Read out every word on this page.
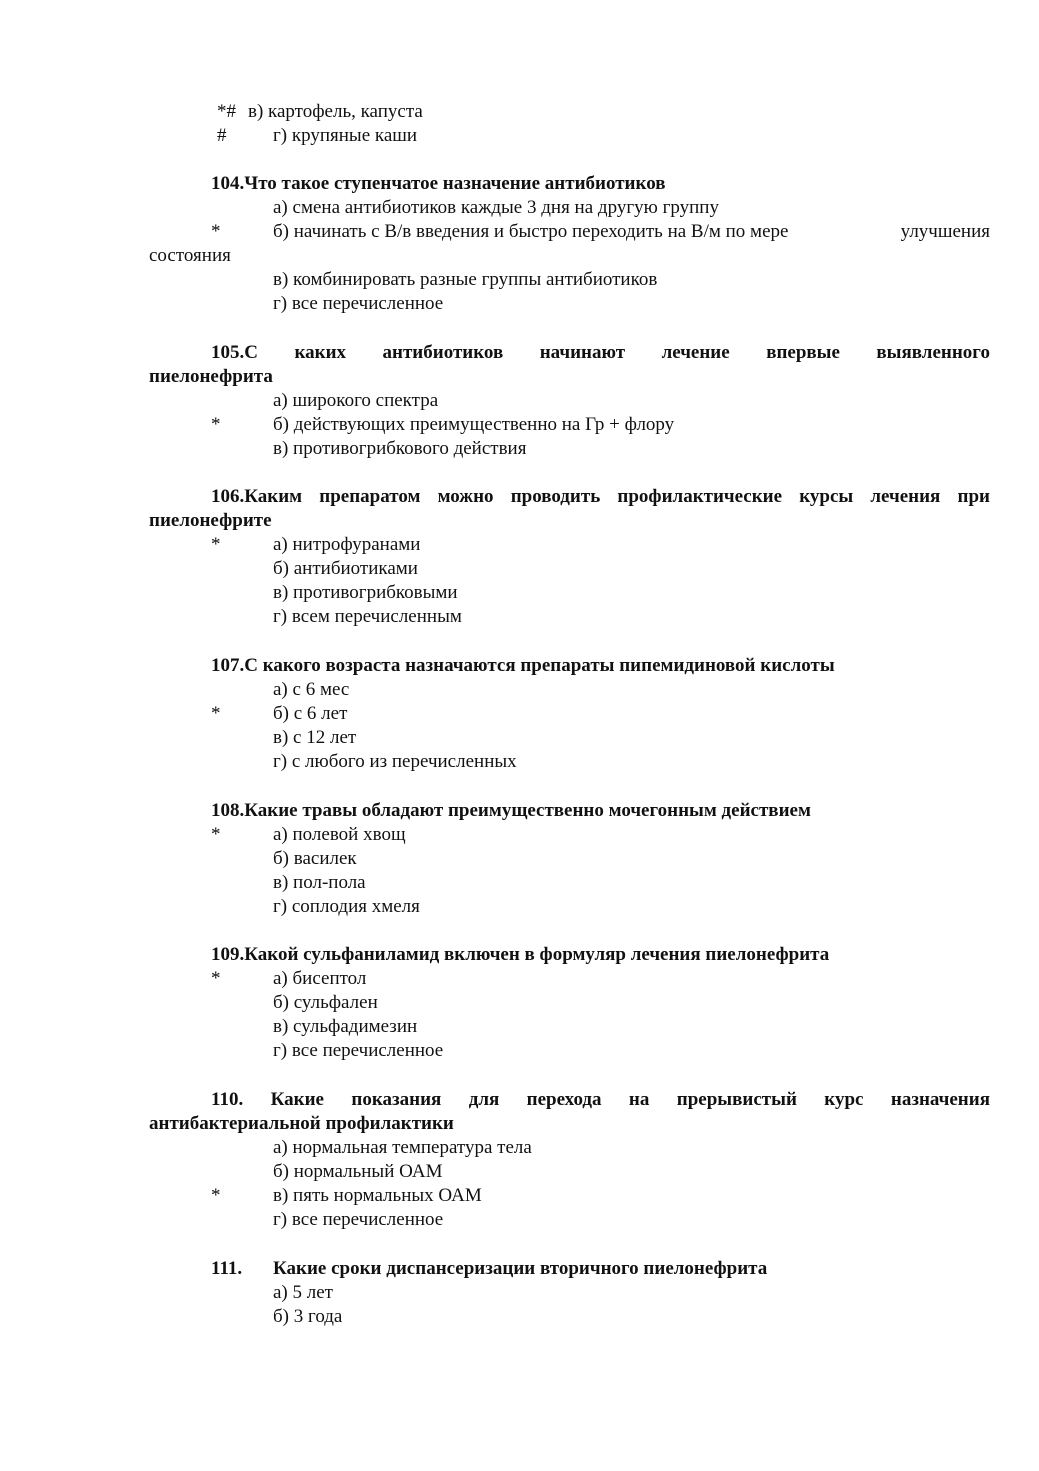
*# в) картофель, капуста
# г) крупяные каши
104.Что такое ступенчатое назначение антибиотиков
а) смена антибиотиков каждые 3 дня на другую группу
*	б) начинать с В/в введения и быстро переходить на В/м по мере	улучшения
состояния
в) комбинировать разные группы антибиотиков
г) все перечисленное
105.С каких антибиотиков начинают лечение впервые выявленного
пиелонефрита
а) широкого спектра
*	б) действующих преимущественно на Гр + флору
в) противогрибкового действия
106.Каким препаратом можно проводить профилактические курсы лечения при
пиелонефрите
*	а) нитрофуранами
б) антибиотиками
в) противогрибковыми
г) всем перечисленным
107.С какого возраста назначаются препараты пипемидиновой кислоты
а) с 6 мес
*	б) с 6 лет
в) с 12 лет
г) с любого из перечисленных
108.Какие травы обладают преимущественно мочегонным действием
*	а) полевой хвощ
б) василек
в) пол-пола
г) соплодия хмеля
109.Какой сульфаниламид включен в формуляр лечения пиелонефрита
*	а) бисептол
б) сульфален
в) сульфадимезин
г) все перечисленное
110. Какие показания для перехода на прерывистый курс назначения
антибактериальной профилактики
а) нормальная температура тела
б) нормальный ОАМ
*	в) пять нормальных ОАМ
г) все перечисленное
111. Какие сроки диспансеризации вторичного пиелонефрита
а) 5 лет
б) 3 года
